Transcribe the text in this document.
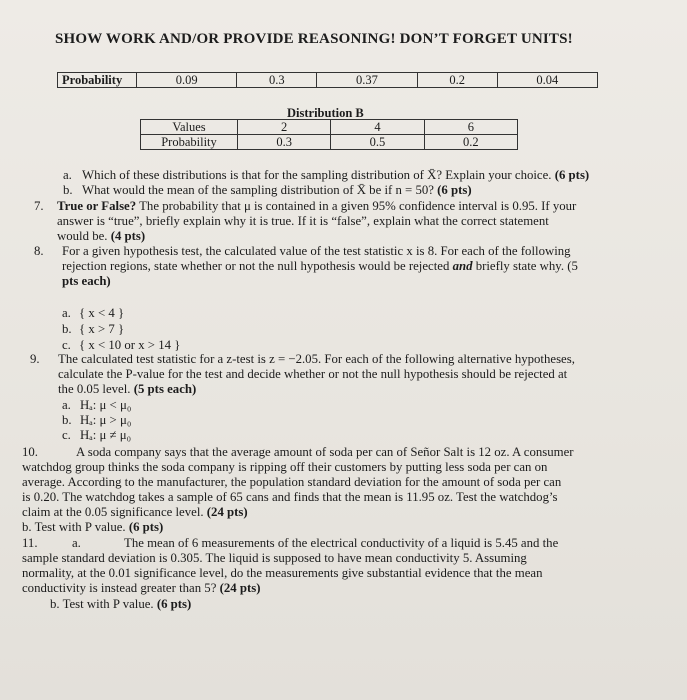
SHOW WORK AND/OR PROVIDE REASONING! DON’T FORGET UNITS!
Probability	0.09	0.3	0.37	0.2	0.04
Distribution B
Values	2	4	6
Probability	0.3	0.5	0.2
a. Which of these distributions is that for the sampling distribution of X̄? Explain your choice. (6 pts)
b. What would the mean of the sampling distribution of X̄ be if n = 50? (6 pts)
7. True or False? The probability that μ is contained in a given 95% confidence interval is 0.95. If your
answer is “true”, briefly explain why it is true. If it is “false”, explain what the correct statement
would be. (4 pts)
8. For a given hypothesis test, the calculated value of the test statistic x is 8. For each of the following
rejection regions, state whether or not the null hypothesis would be rejected and briefly state why. (5
pts each)
a. { x < 4 }
b. { x > 7 }
c. { x < 10 or x > 14 }
9. The calculated test statistic for a z-test is z = −2.05. For each of the following alternative hypotheses,
calculate the P-value for the test and decide whether or not the null hypothesis should be rejected at
the 0.05 level. (5 pts each)
a. Hₐ: μ < μ₀
b. Hₐ: μ > μ₀
c. Hₐ: μ ≠ μ₀
10.	A soda company says that the average amount of soda per can of Señor Salt is 12 oz. A consumer
watchdog group thinks the soda company is ripping off their customers by putting less soda per can on
average. According to the manufacturer, the population standard deviation for the amount of soda per can
is 0.20. The watchdog takes a sample of 65 cans and finds that the mean is 11.95 oz. Test the watchdog’s
claim at the 0.05 significance level. (24 pts)
b. Test with P value. (6 pts)
11.	a.	The mean of 6 measurements of the electrical conductivity of a liquid is 5.45 and the
sample standard deviation is 0.305. The liquid is supposed to have mean conductivity 5. Assuming
normality, at the 0.01 significance level, do the measurements give substantial evidence that the mean
conductivity is instead greater than 5? (24 pts)
b. Test with P value. (6 pts)
